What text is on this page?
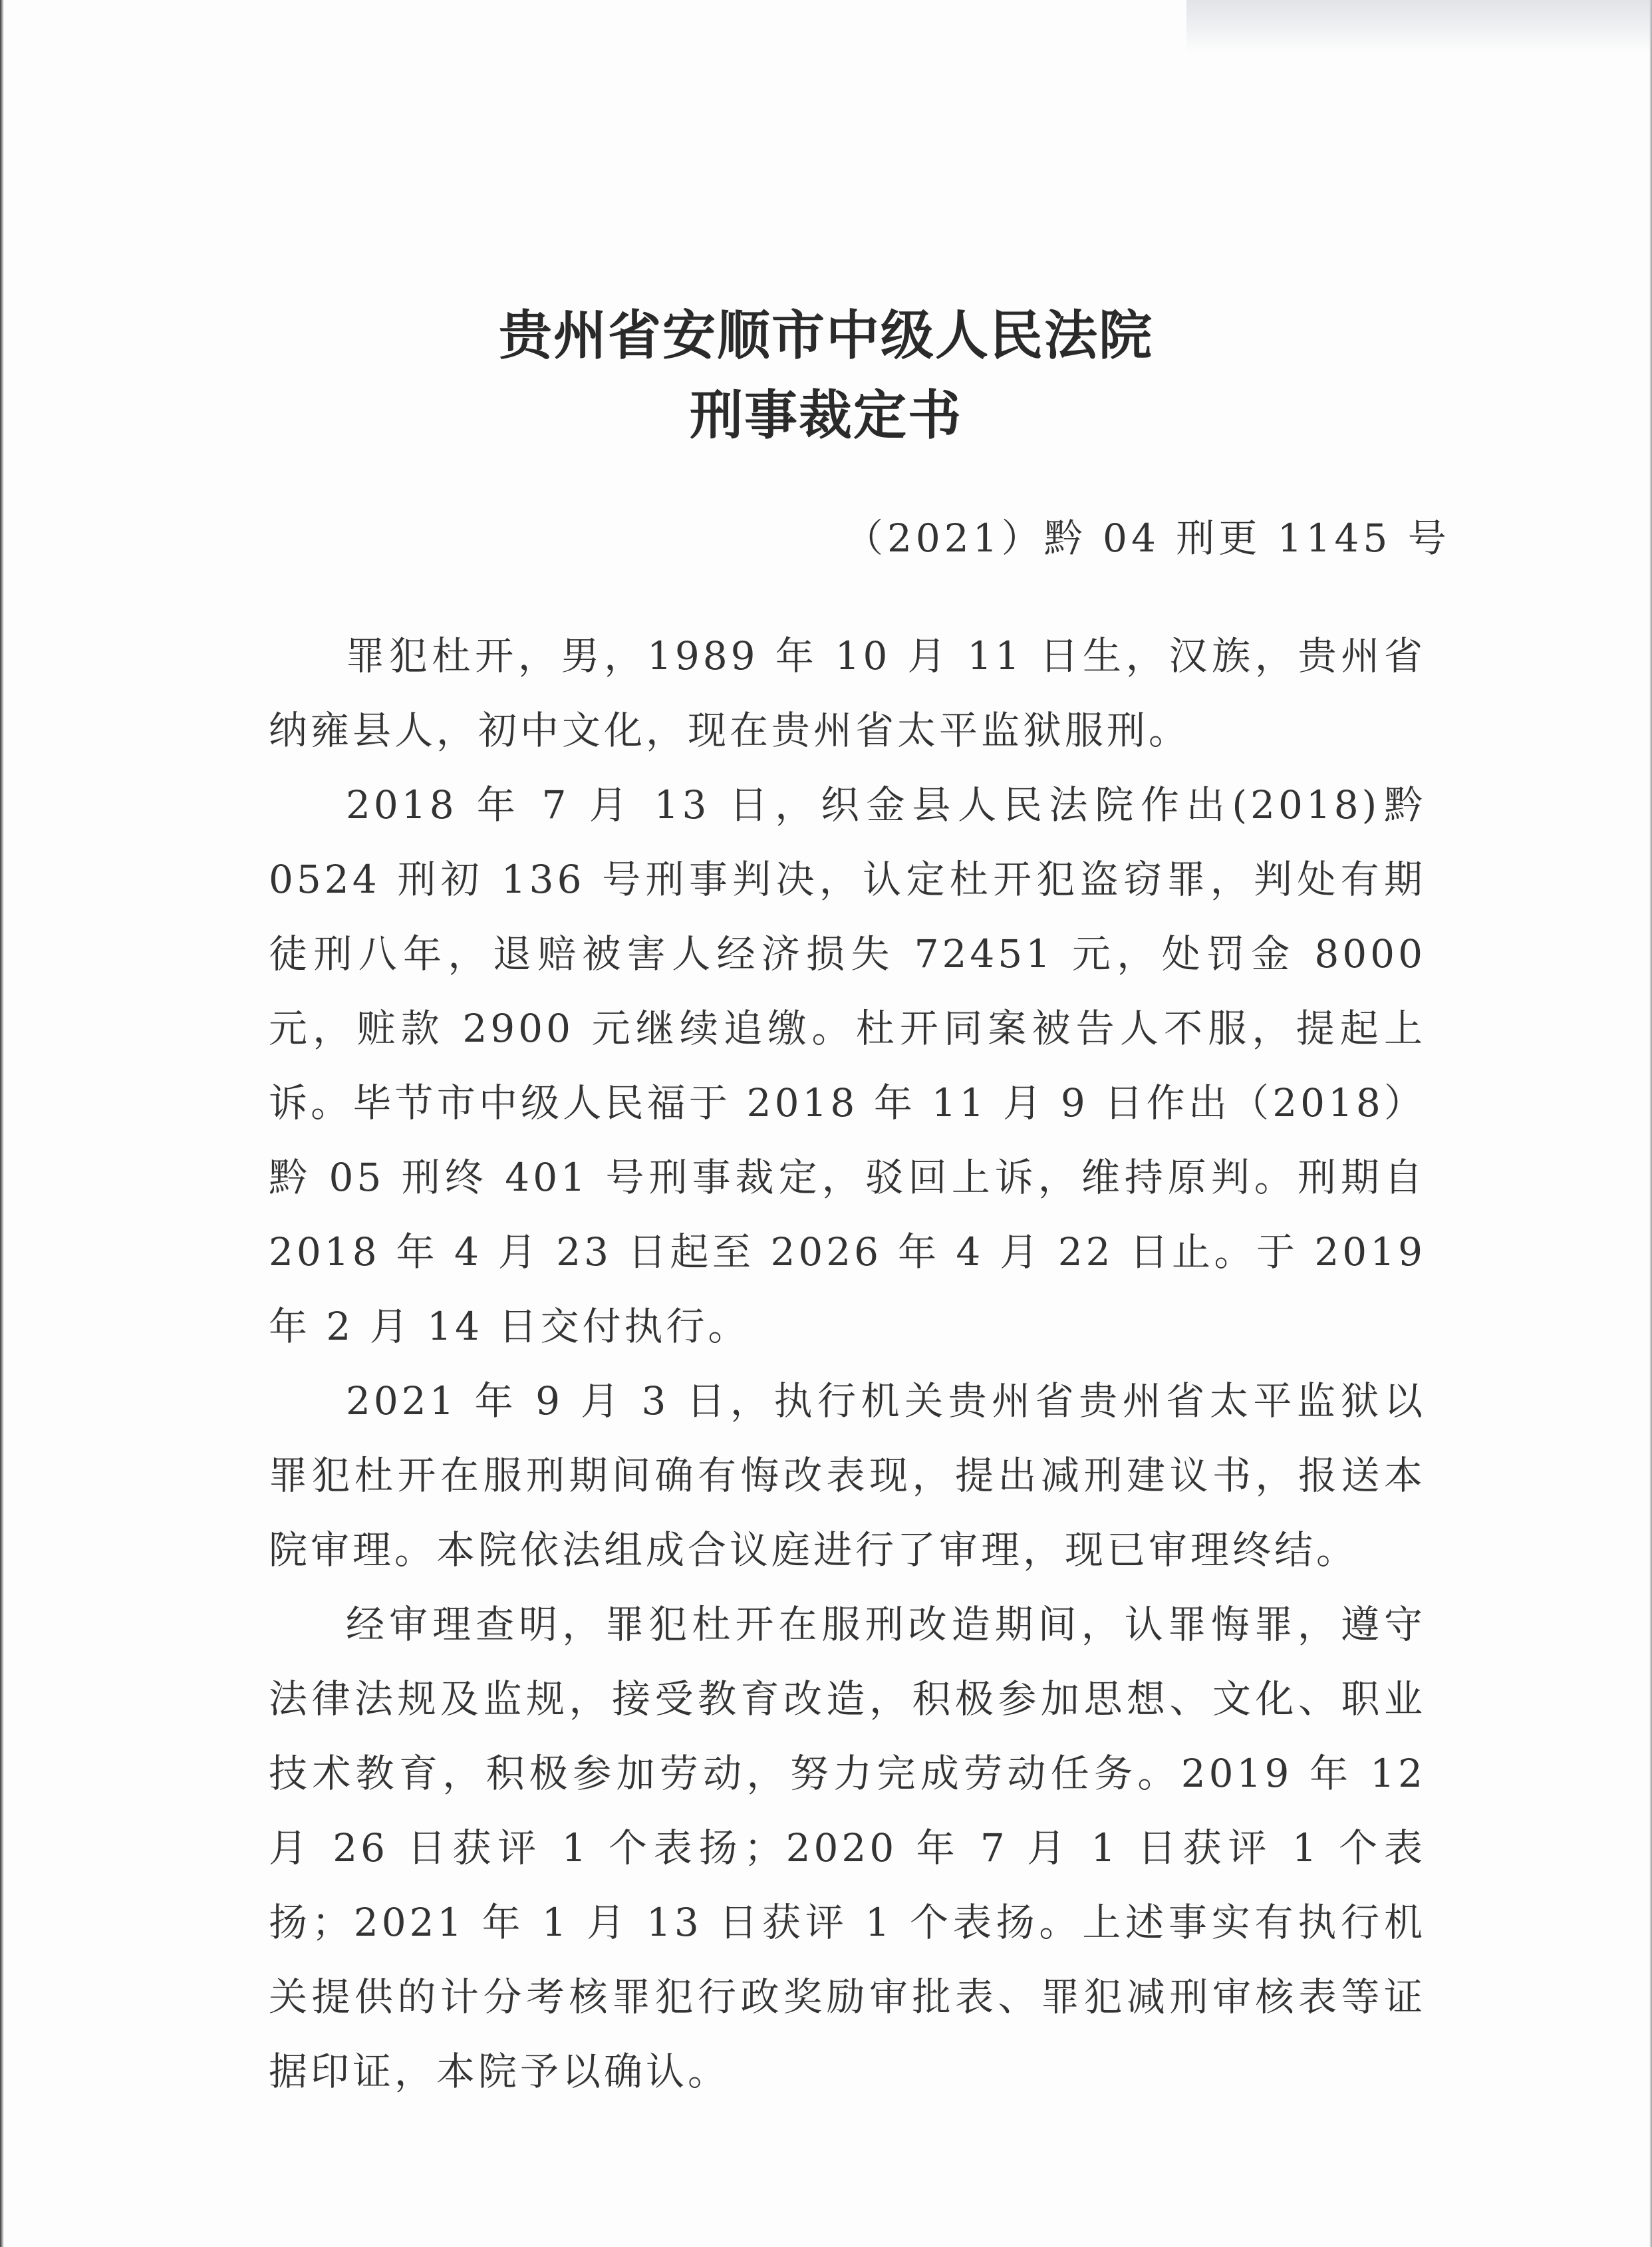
贵州省安顺市中级人民法院
刑事裁定书
（2021）黔 04 刑更 1145 号

罪犯杜开，男，1989 年 10 月 11 日生，汉族，贵州省纳雍县人，初中文化，现在贵州省太平监狱服刑。

2018 年 7 月 13 日，织金县人民法院作出(2018)黔 0524 刑初 136 号刑事判决，认定杜开犯盗窃罪，判处有期徒刑八年，退赔被害人经济损失 72451 元，处罚金 8000 元，赃款 2900 元继续追缴。杜开同案被告人不服，提起上诉。毕节市中级人民福于 2018 年 11 月 9 日作出（2018）黔 05 刑终 401 号刑事裁定，驳回上诉，维持原判。刑期自 2018 年 4 月 23 日起至 2026 年 4 月 22 日止。于 2019 年 2 月 14 日交付执行。

2021 年 9 月 3 日，执行机关贵州省贵州省太平监狱以罪犯杜开在服刑期间确有悔改表现，提出减刑建议书，报送本院审理。本院依法组成合议庭进行了审理，现已审理终结。

经审理查明，罪犯杜开在服刑改造期间，认罪悔罪，遵守法律法规及监规，接受教育改造，积极参加思想、文化、职业技术教育，积极参加劳动，努力完成劳动任务。2019 年 12 月 26 日获评 1 个表扬；2020 年 7 月 1 日获评 1 个表扬；2021 年 1 月 13 日获评 1 个表扬。上述事实有执行机关提供的计分考核罪犯行政奖励审批表、罪犯减刑审核表等证据印证，本院予以确认。
